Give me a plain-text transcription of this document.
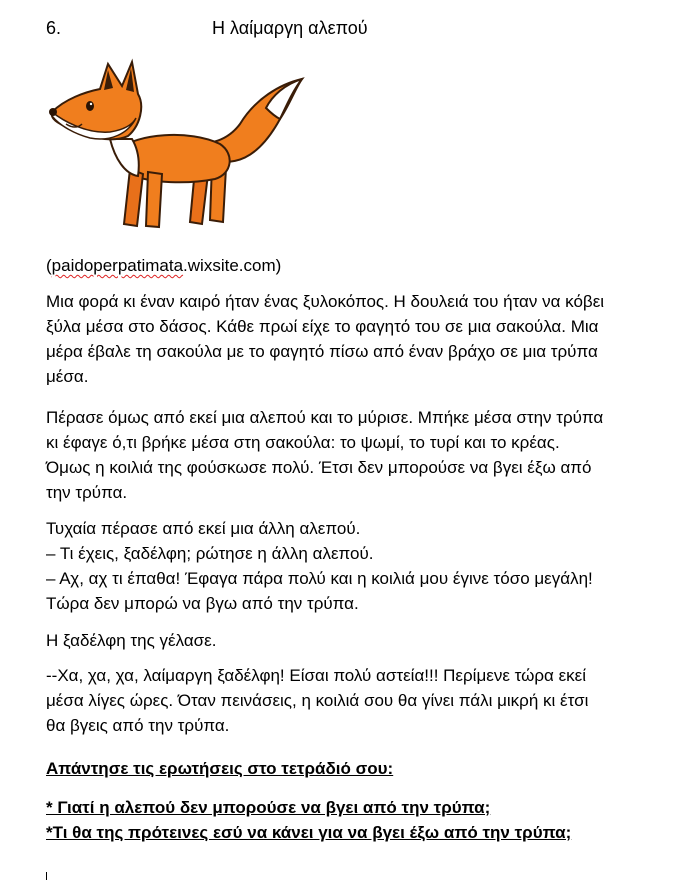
6.	Η λαίμαργη αλεπού
(paidoperpatimata.wixsite.com)

Μια φορά κι έναν καιρό ήταν ένας ξυλοκόπος. Η δουλειά του ήταν να κόβει ξύλα μέσα στο δάσος. Κάθε πρωί είχε το φαγητό του σε μια σακούλα. Μια μέρα έβαλε τη σακούλα με το φαγητό πίσω από έναν βράχο σε μια τρύπα μέσα.

Πέρασε όμως από εκεί μια αλεπού και το μύρισε. Μπήκε μέσα στην τρύπα κι έφαγε ό,τι βρήκε μέσα στη σακούλα: το ψωμί, το τυρί και το κρέας. Όμως η κοιλιά της φούσκωσε πολύ. Έτσι δεν μπορούσε να βγει έξω από την τρύπα.

Τυχαία πέρασε από εκεί μια άλλη αλεπού.

– Τι έχεις, ξαδέλφη; ρώτησε η άλλη αλεπού.

– Αχ, αχ τι έπαθα! Έφαγα πάρα πολύ και η κοιλιά μου έγινε τόσο μεγάλη! Τώρα δεν μπορώ να βγω από την τρύπα.

Η ξαδέλφη της γέλασε.

--Χα, χα, χα, λαίμαργη ξαδέλφη! Είσαι πολύ αστεία!!! Περίμενε τώρα εκεί μέσα λίγες ώρες. Όταν πεινάσεις, η κοιλιά σου θα γίνει πάλι μικρή κι έτσι θα βγεις από την τρύπα.

Απάντησε τις ερωτήσεις στο τετράδιό σου:

* Γιατί η αλεπού δεν μπορούσε να βγει από την τρύπα;

*Τι θα της πρότεινες εσύ να κάνει για να βγει έξω από την τρύπα;
